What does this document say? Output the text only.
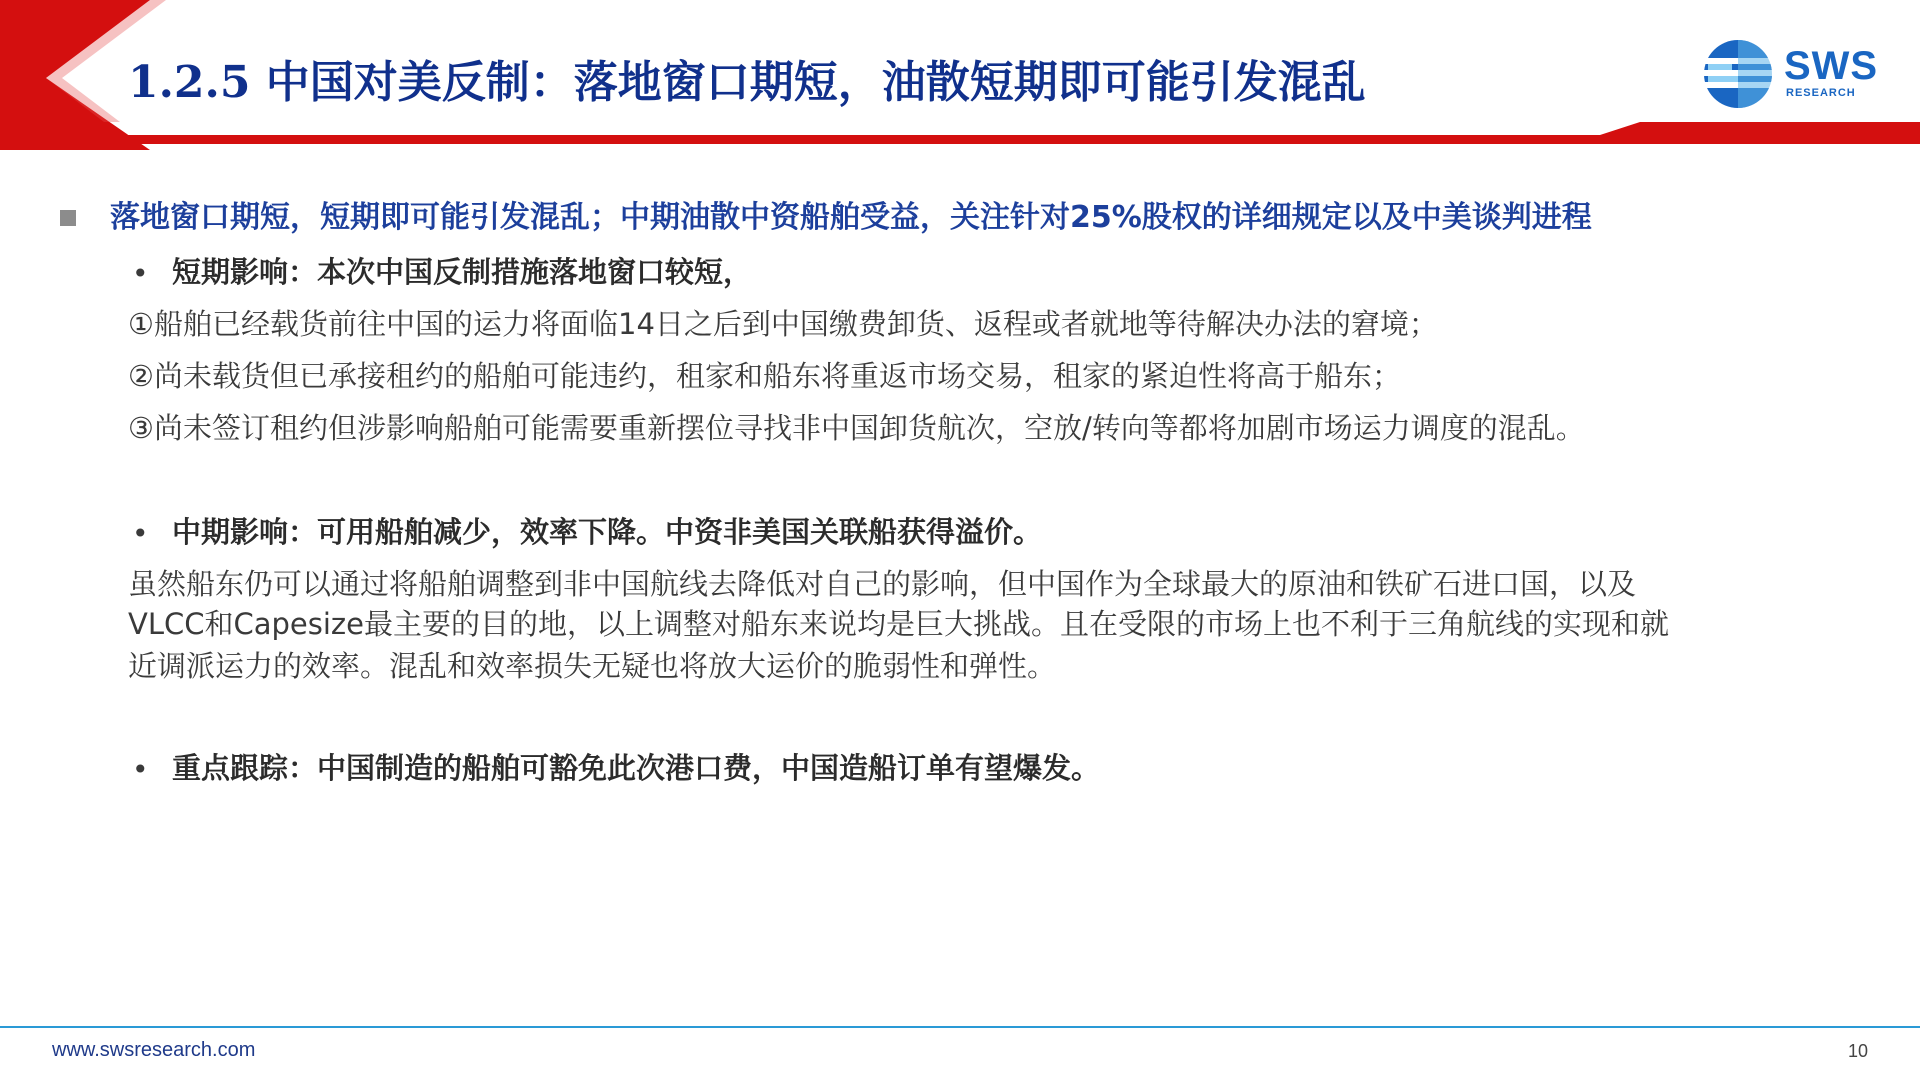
1.2.5 中国对美反制：落地窗口期短，油散短期即可能引发混乱	SWS
RESEARCH
落地窗口期短，短期即可能引发混乱；中期油散中资船舶受益，关注针对25%股权的详细规定以及中美谈判进程
• 短期影响：本次中国反制措施落地窗口较短，
①船舶已经载货前往中国的运力将面临14日之后到中国缴费卸货、返程或者就地等待解决办法的窘境；
②尚未载货但已承接租约的船舶可能违约，租家和船东将重返市场交易，租家的紧迫性将高于船东；
③尚未签订租约但涉影响船舶可能需要重新摆位寻找非中国卸货航次，空放/转向等都将加剧市场运力调度的混乱。
• 中期影响：可用船舶减少，效率下降。中资非美国关联船获得溢价。
虽然船东仍可以通过将船舶调整到非中国航线去降低对自己的影响，但中国作为全球最大的原油和铁矿石进口国，以及
VLCC和Capesize最主要的目的地，以上调整对船东来说均是巨大挑战。且在受限的市场上也不利于三角航线的实现和就
近调派运力的效率。混乱和效率损失无疑也将放大运价的脆弱性和弹性。
• 重点跟踪：中国制造的船舶可豁免此次港口费，中国造船订单有望爆发。
www.swsresearch.com	10
